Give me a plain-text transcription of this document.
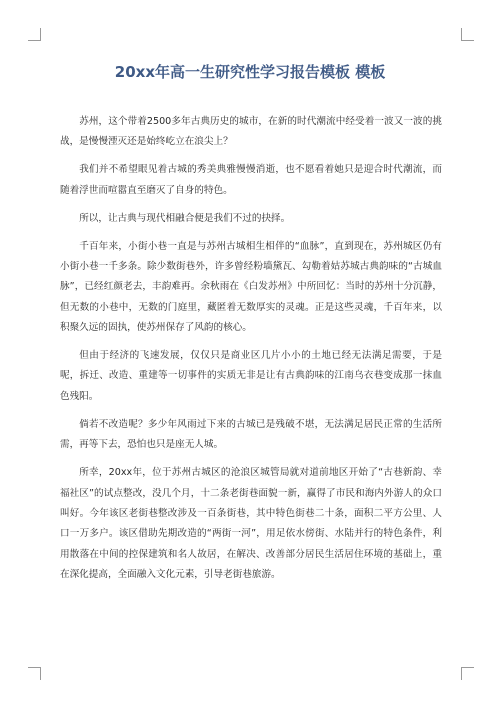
20xx年高一生研究性学习报告模板 模板

苏州，这个带着2500多年古典历史的城市，在新的时代潮流中经受着一波又一波的挑战，是慢慢湮灭还是始终屹立在浪尖上？

我们并不希望眼见着古城的秀美典雅慢慢消逝，也不愿看着她只是迎合时代潮流，而随着浮世而喧嚣直至磨灭了自身的特色。

所以，让古典与现代相融合便是我们不过的抉择。

千百年来，小街小巷一直是与苏州古城相生相伴的“血脉”，直到现在，苏州城区仍有小街小巷一千多条。除少数街巷外，许多曾经粉墙黛瓦、勾勒着姑苏城古典韵味的“古城血脉”，已经红颜老去，丰韵难再。余秋雨在《白发苏州》中所回忆：当时的苏州十分沉静，但无数的小巷中，无数的门庭里，藏匿着无数厚实的灵魂。正是这些灵魂，千百年来，以积聚久远的固执，使苏州保存了风韵的核心。

但由于经济的飞速发展，仅仅只是商业区几片小小的土地已经无法满足需要，于是呢，拆迁、改造、重建等一切事件的实质无非是让有古典韵味的江南乌衣巷变成那一抹血色残阳。

倘若不改造呢？多少年风雨过下来的古城已是残破不堪，无法满足居民正常的生活所需，再等下去，恐怕也只是座无人城。

所幸，20xx年，位于苏州古城区的沧浪区城管局就对道前地区开始了“古巷新韵、幸福社区”的试点整改，没几个月，十二条老街巷面貌一新，赢得了市民和海内外游人的众口叫好。今年该区老街巷整改涉及一百条街巷，其中特色街巷二十条，面积二平方公里、人口一万多户。该区借助先期改造的“两街一河”，用足依水傍街、水陆并行的特色条件，利用散落在中间的控保建筑和名人故居，在解决、改善部分居民生活居住环境的基础上，重在深化提高，全面融入文化元素，引导老街巷旅游。
